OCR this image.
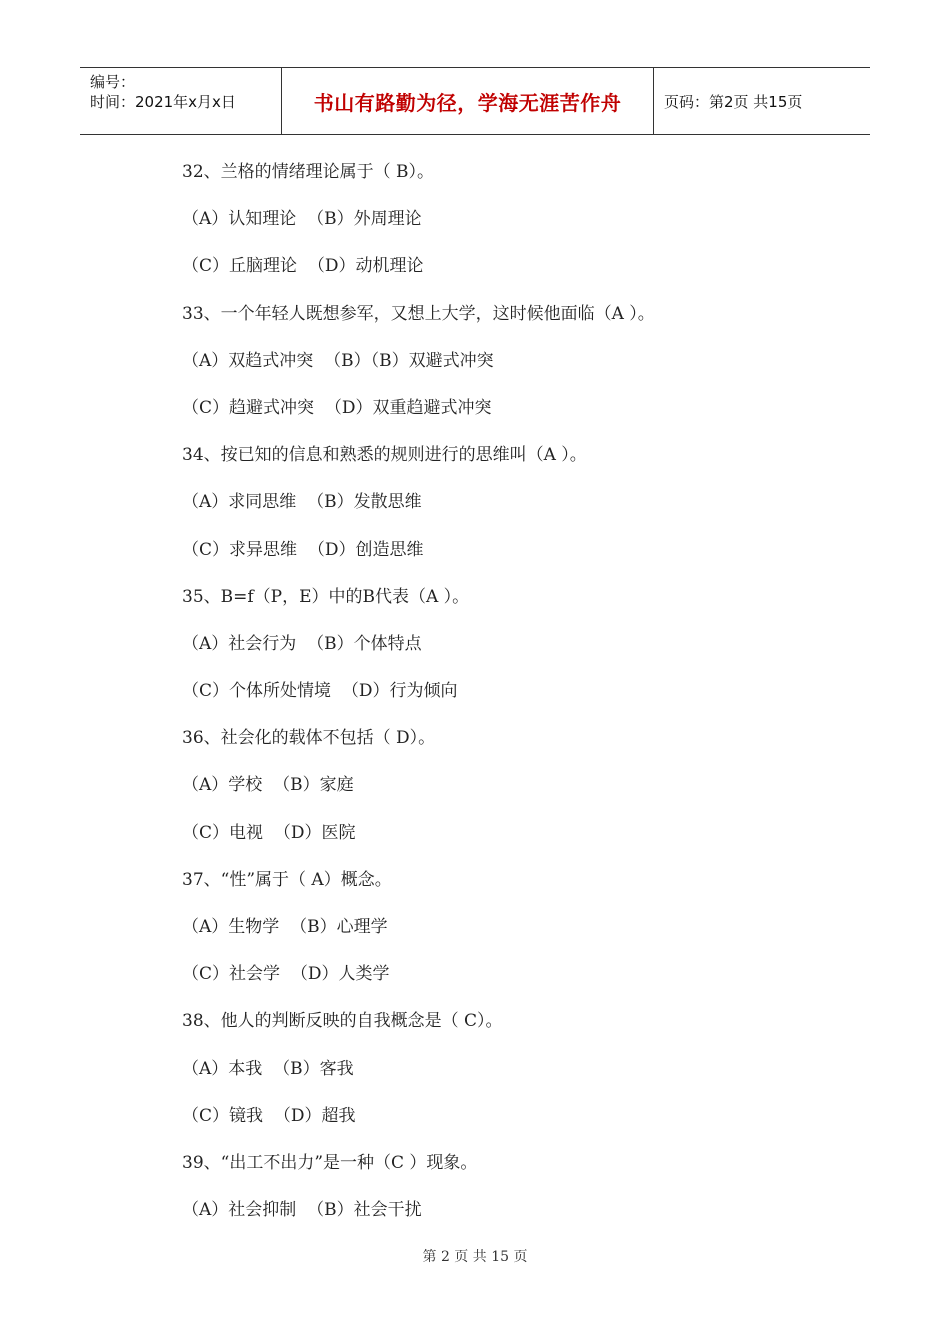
编号：
时间：2021年x月x日	书山有路勤为径，学海无涯苦作舟	页码：第2页 共15页
32、兰格的情绪理论属于（ B）。
（A）认知理论  （B）外周理论
（C）丘脑理论  （D）动机理论
33、一个年轻人既想参军，又想上大学，这时候他面临（A ）。
（A）双趋式冲突  （B）（B）双避式冲突
（C）趋避式冲突  （D）双重趋避式冲突
34、按已知的信息和熟悉的规则进行的思维叫（A ）。
（A）求同思维  （B）发散思维
（C）求异思维  （D）创造思维
35、B=f（P，E）中的B代表（A ）。
（A）社会行为  （B）个体特点
（C）个体所处情境  （D）行为倾向
36、社会化的载体不包括（ D）。
（A）学校  （B）家庭
（C）电视  （D）医院
37、“性”属于（ A）概念。
（A）生物学  （B）心理学
（C）社会学  （D）人类学
38、他人的判断反映的自我概念是（ C）。
（A）本我  （B）客我
（C）镜我  （D）超我
39、“出工不出力”是一种（C ）现象。
（A）社会抑制  （B）社会干扰
第 2 页 共 15 页
